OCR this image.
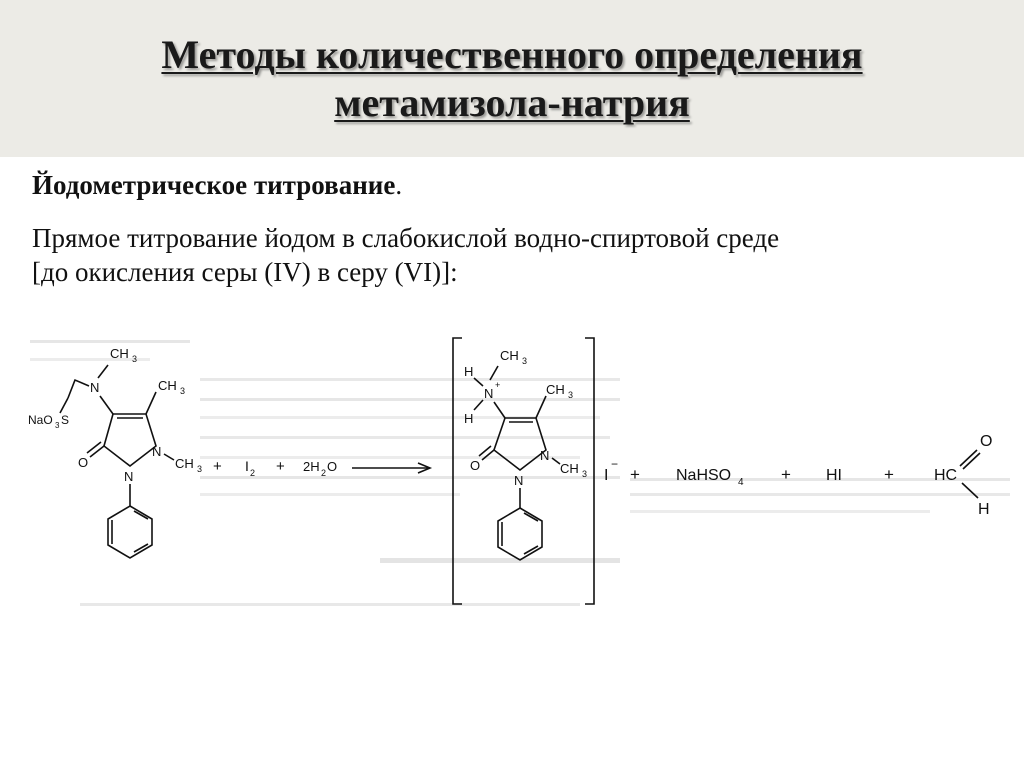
Методы количественного определения
метамизола-натрия
Йодометрическое титрование.
Прямое титрование йодом в слабокислой водно-спиртовой среде
[до окисления серы (IV) в серу (VI)]:
CH 3
N
NaO 3 S
CH 3
N
CH 3
O
N
+ I 2 + 2H 2 O
CH 3
H
N
+
H
CH 3
N
CH 3
O
N	I
−
+ NaHSO 4 + HI +	HC
O
H
